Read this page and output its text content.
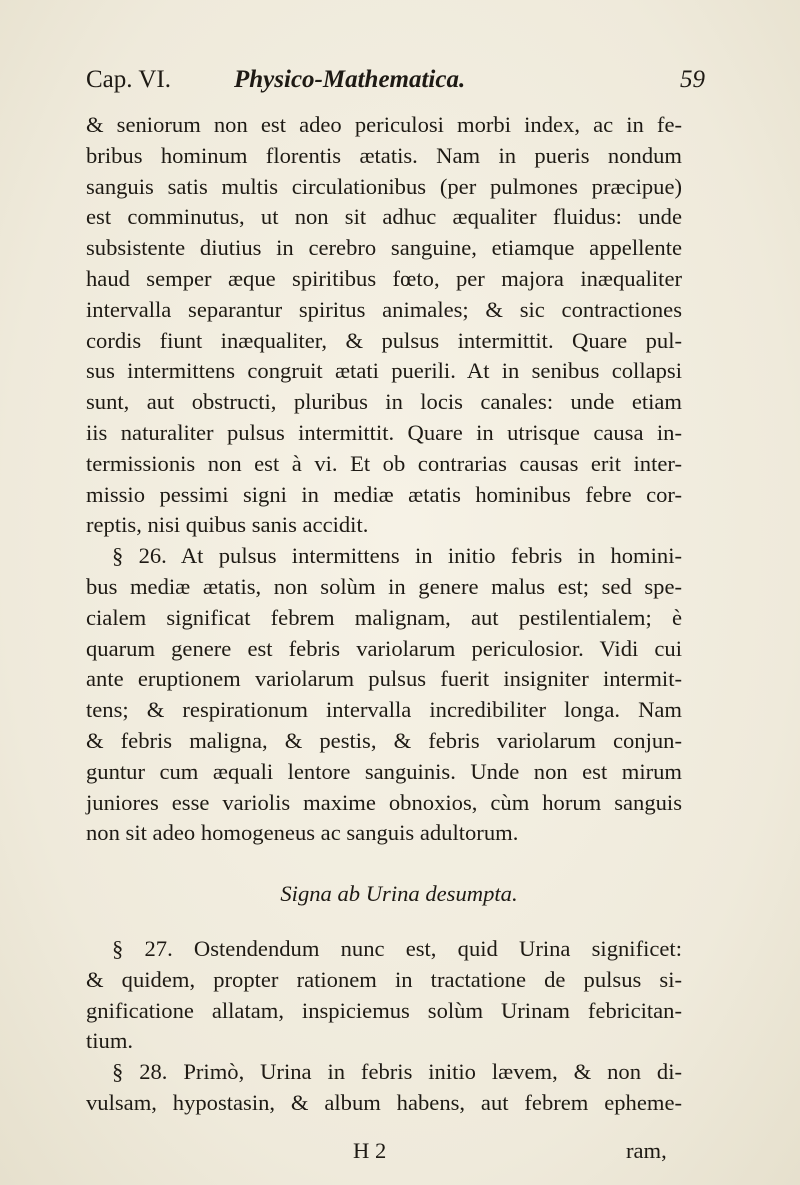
Cap. VI.	Physico-Mathematica.	59
& seniorum non est adeo periculosi morbi index, ac in fe-
bribus hominum florentis ætatis. Nam in pueris nondum
sanguis satis multis circulationibus (per pulmones præcipue)
est comminutus, ut non sit adhuc æqualiter fluidus: unde
subsistente diutius in cerebro sanguine, etiamque appellente
haud semper æque spiritibus fœto, per majora inæqualiter
intervalla separantur spiritus animales; & sic contractiones
cordis fiunt inæqualiter, & pulsus intermittit. Quare pul-
sus intermittens congruit ætati puerili. At in senibus collapsi
sunt, aut obstructi, pluribus in locis canales: unde etiam
iis naturaliter pulsus intermittit. Quare in utrisque causa in-
termissionis non est à vi. Et ob contrarias causas erit inter-
missio pessimi signi in mediæ ætatis hominibus febre cor-
reptis, nisi quibus sanis accidit.
§ 26. At pulsus intermittens in initio febris in homini-
bus mediæ ætatis, non solùm in genere malus est; sed spe-
cialem significat febrem malignam, aut pestilentialem; è
quarum genere est febris variolarum periculosior. Vidi cui
ante eruptionem variolarum pulsus fuerit insigniter intermit-
tens; & respirationum intervalla incredibiliter longa. Nam
& febris maligna, & pestis, & febris variolarum conjun-
guntur cum æquali lentore sanguinis. Unde non est mirum
juniores esse variolis maxime obnoxios, cùm horum sanguis
non sit adeo homogeneus ac sanguis adultorum.
Signa ab Urina desumpta.
§ 27. Ostendendum nunc est, quid Urina significet:
& quidem, propter rationem in tractatione de pulsus si-
gnificatione allatam, inspiciemus solùm Urinam febricitan-
tium.
§ 28. Primò, Urina in febris initio lævem, & non di-
vulsam, hypostasin, & album habens, aut febrem epheme-
H 2	ram,
